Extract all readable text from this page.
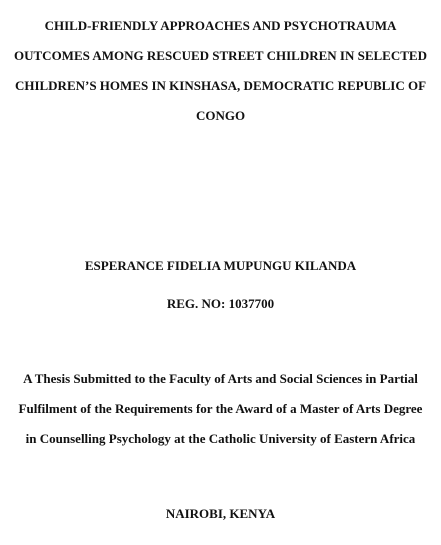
CHILD-FRIENDLY APPROACHES AND PSYCHOTRAUMA
OUTCOMES AMONG RESCUED STREET CHILDREN IN SELECTED
CHILDREN’S HOMES IN KINSHASA, DEMOCRATIC REPUBLIC OF
CONGO
ESPERANCE FIDELIA MUPUNGU KILANDA
REG. NO: 1037700
A Thesis Submitted to the Faculty of Arts and Social Sciences in Partial
Fulfilment of the Requirements for the Award of a Master of Arts Degree
in Counselling Psychology at the Catholic University of Eastern Africa
NAIROBI, KENYA
